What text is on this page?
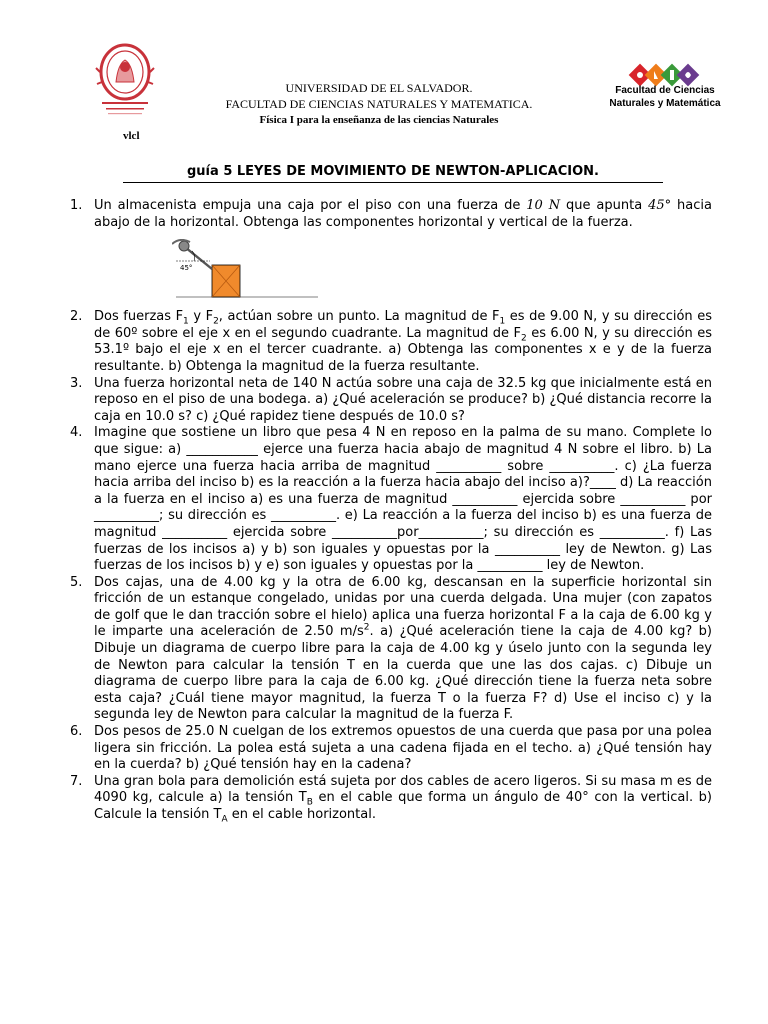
vlcl
UNIVERSIDAD DE EL SALVADOR.
FACULTAD DE CIENCIAS NATURALES Y MATEMATICA.
Física I para la enseñanza de las ciencias Naturales
Facultad de Ciencias
Naturales y Matemática
guía 5 LEYES DE MOVIMIENTO DE NEWTON-APLICACION.
1. Un almacenista empuja una caja por el piso con una fuerza de 10 N que apunta 45° hacia abajo de la horizontal. Obtenga las componentes horizontal y vertical de la fuerza.
45°
2. Dos fuerzas $F_1$ y $F_2$, actúan sobre un punto. La magnitud de $F_1$ es de 9.00 N, y su dirección es de 60º sobre el eje x en el segundo cuadrante. La magnitud de $F_2$ es 6.00 N, y su dirección es 53.1º bajo el eje x en el tercer cuadrante. a) Obtenga las componentes x e y de la fuerza resultante. b) Obtenga la magnitud de la fuerza resultante.
3. Una fuerza horizontal neta de 140 N actúa sobre una caja de 32.5 kg que inicialmente está en reposo en el piso de una bodega. a) ¿Qué aceleración se produce? b) ¿Qué distancia recorre la caja en 10.0 s? c) ¿Qué rapidez tiene después de 10.0 s?
4. Imagine que sostiene un libro que pesa 4 N en reposo en la palma de su mano. Complete lo que sigue: a) ___________ ejerce una fuerza hacia abajo de magnitud 4 N sobre el libro. b) La mano ejerce una fuerza hacia arriba de magnitud __________ sobre __________. c) ¿La fuerza hacia arriba del inciso b) es la reacción a la fuerza hacia abajo del inciso a)?____ d) La reacción a la fuerza en el inciso a) es una fuerza de magnitud __________ ejercida sobre __________ por __________; su dirección es __________. e) La reacción a la fuerza del inciso b) es una fuerza de magnitud __________ ejercida sobre __________por__________; su dirección es __________. f) Las fuerzas de los incisos a) y b) son iguales y opuestas por la __________ ley de Newton. g) Las fuerzas de los incisos b) y e) son iguales y opuestas por la __________ ley de Newton.
5. Dos cajas, una de 4.00 kg y la otra de 6.00 kg, descansan en la superficie horizontal sin fricción de un estanque congelado, unidas por una cuerda delgada. Una mujer (con zapatos de golf que le dan tracción sobre el hielo) aplica una fuerza horizontal F a la caja de 6.00 kg y le imparte una aceleración de 2.50 $m/s^2$. a) ¿Qué aceleración tiene la caja de 4.00 kg? b) Dibuje un diagrama de cuerpo libre para la caja de 4.00 kg y úselo junto con la segunda ley de Newton para calcular la tensión T en la cuerda que une las dos cajas. c) Dibuje un diagrama de cuerpo libre para la caja de 6.00 kg. ¿Qué dirección tiene la fuerza neta sobre esta caja? ¿Cuál tiene mayor magnitud, la fuerza T o la fuerza F? d) Use el inciso c) y la segunda ley de Newton para calcular la magnitud de la fuerza F.
6. Dos pesos de 25.0 N cuelgan de los extremos opuestos de una cuerda que pasa por una polea ligera sin fricción. La polea está sujeta a una cadena fijada en el techo. a) ¿Qué tensión hay en la cuerda? b) ¿Qué tensión hay en la cadena?
7. Una gran bola para demolición está sujeta por dos cables de acero ligeros. Si su masa m es de 4090 kg, calcule a) la tensión $T_B$ en el cable que forma un ángulo de 40° con la vertical. b) Calcule la tensión $T_A$ en el cable horizontal.
